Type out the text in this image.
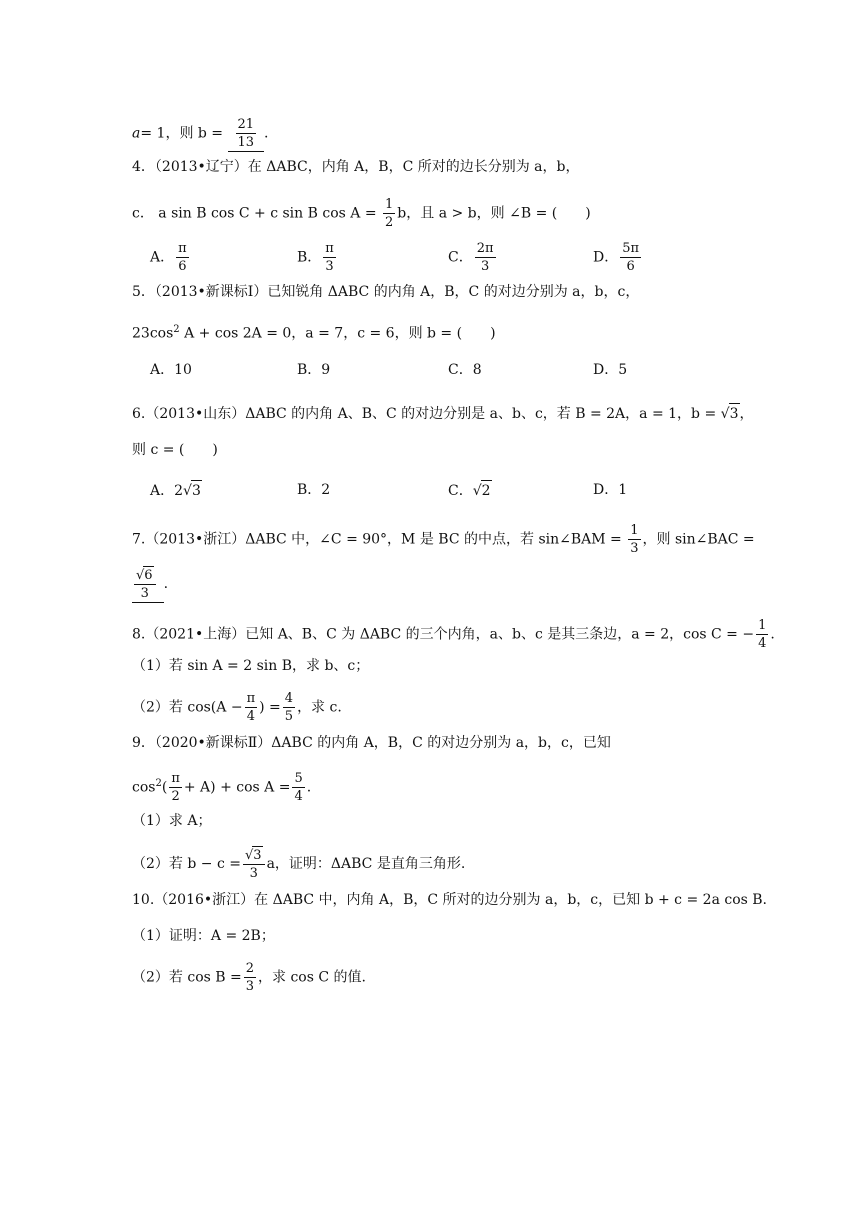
a= 1，则 $b = \frac{21}{13}$ .
4．（2013•辽宁）在 ΔABC，内角 A，B，C 所对的边长分别为 a，b，
c． a sin B cos C + c sin B $\cos A = \frac{1}{2}$ b，且 a > b，则 ∠B = (　　)
A． $\frac{\pi}{6}$	B． $\frac{\pi}{3}$	C． $\frac{2\pi}{3}$	D． $\frac{5\pi}{6}$
5．（2013•新课标Ⅰ）已知锐角 ΔABC 的内角 A，B，C 的对边分别为 a，b，c，
$23\cos^2$ A + cos 2A = 0，a = 7，c = 6，则 b = (　　)
A．10	B．9	C．8	D．5
6.（2013•山东）ΔABC 的内角 A、B、C 的对边分别是 a、b、c，若 B = 2A，a = 1，b = √3，
则 c = (　　)
A．2√3	B．2	C．√2	D．1
7.（2013•浙江）ΔABC 中，∠C = 90°，M 是 BC 的中点，若 sin∠BAM = $\frac{1}{3}$ ，则 sin∠BAC =
$\frac{√6}{3}$ .
8.（2021•上海）已知 A、B、C 为 ΔABC 的三个内角，a、b、c 是其三条边，a = 2，cos C = − $\frac{1}{4}$ .
（1）若 sin A = 2 sin B，求 b、c；
（2）若 $\cos(A - \frac{\pi}{4}$ ) = $\frac{4}{5}$ ，求 c.
9．（2020•新课标Ⅱ）ΔABC 的内角 A，B，C 的对边分别为 a，b，c，已知
$\cos^2( \frac{\pi}{2} + A) + \cos A = \frac{5}{4}$ .
（1）求 A；
（2）若 $b - c = \frac{√3}{3}$ a，证明：ΔABC 是直角三角形.
10.（2016•浙江）在 ΔABC 中，内角 A，B，C 所对的边分别为 a，b，c，已知 b + c = 2a cos B.
（1）证明：A = 2B；
（2）若 $\cos B = \frac{2}{3}$ ，求 cos C 的值.
